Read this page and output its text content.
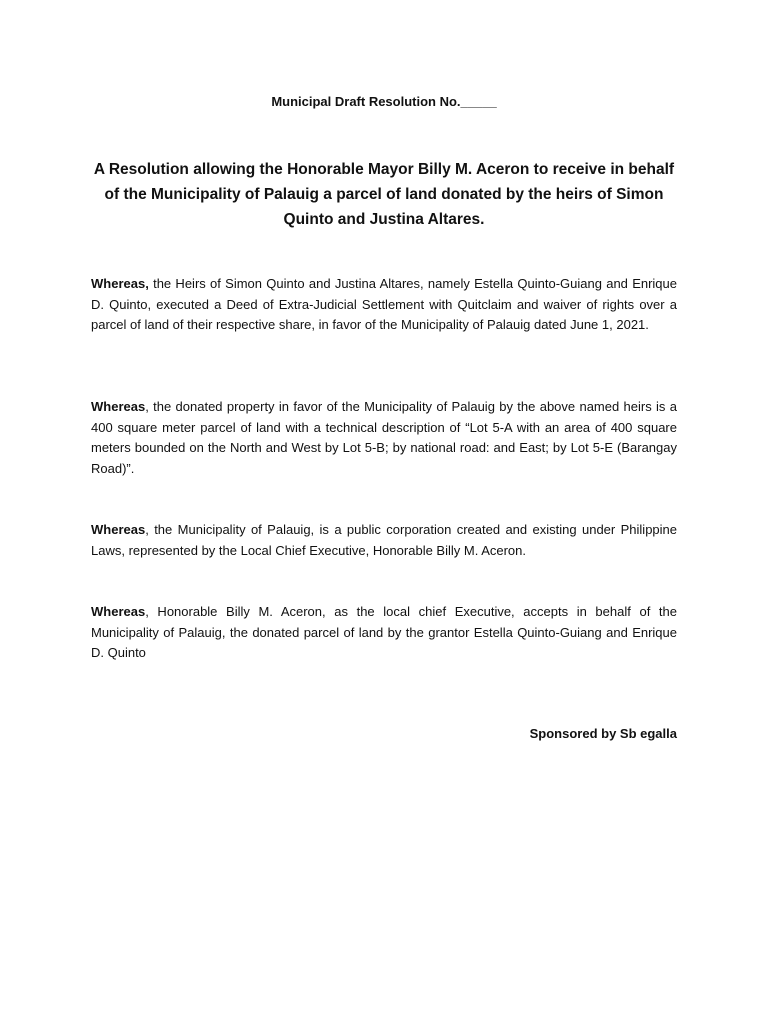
Municipal Draft Resolution No._____
A Resolution allowing the Honorable Mayor Billy M. Aceron to receive in behalf of the Municipality of Palauig a parcel of land donated by the heirs of Simon Quinto and Justina Altares.

Whereas, the Heirs of Simon Quinto and Justina Altares, namely Estella Quinto-Guiang and Enrique D. Quinto, executed a Deed of Extra-Judicial Settlement with Quitclaim and waiver of rights over a parcel of land of their respective share, in favor of the Municipality of Palauig dated June 1, 2021.

Whereas, the donated property in favor of the Municipality of Palauig by the above named heirs is a 400 square meter parcel of land with a technical description of “Lot 5-A with an area of 400 square meters bounded on the North and West by Lot 5-B; by national road: and East; by Lot 5-E (Barangay Road)”.

Whereas, the Municipality of Palauig, is a public corporation created and existing under Philippine Laws, represented by the Local Chief Executive, Honorable Billy M. Aceron.

Whereas, Honorable Billy M. Aceron, as the local chief Executive, accepts in behalf of the Municipality of Palauig, the donated parcel of land by the grantor Estella Quinto-Guiang and Enrique D. Quinto

Sponsored by Sb egalla
